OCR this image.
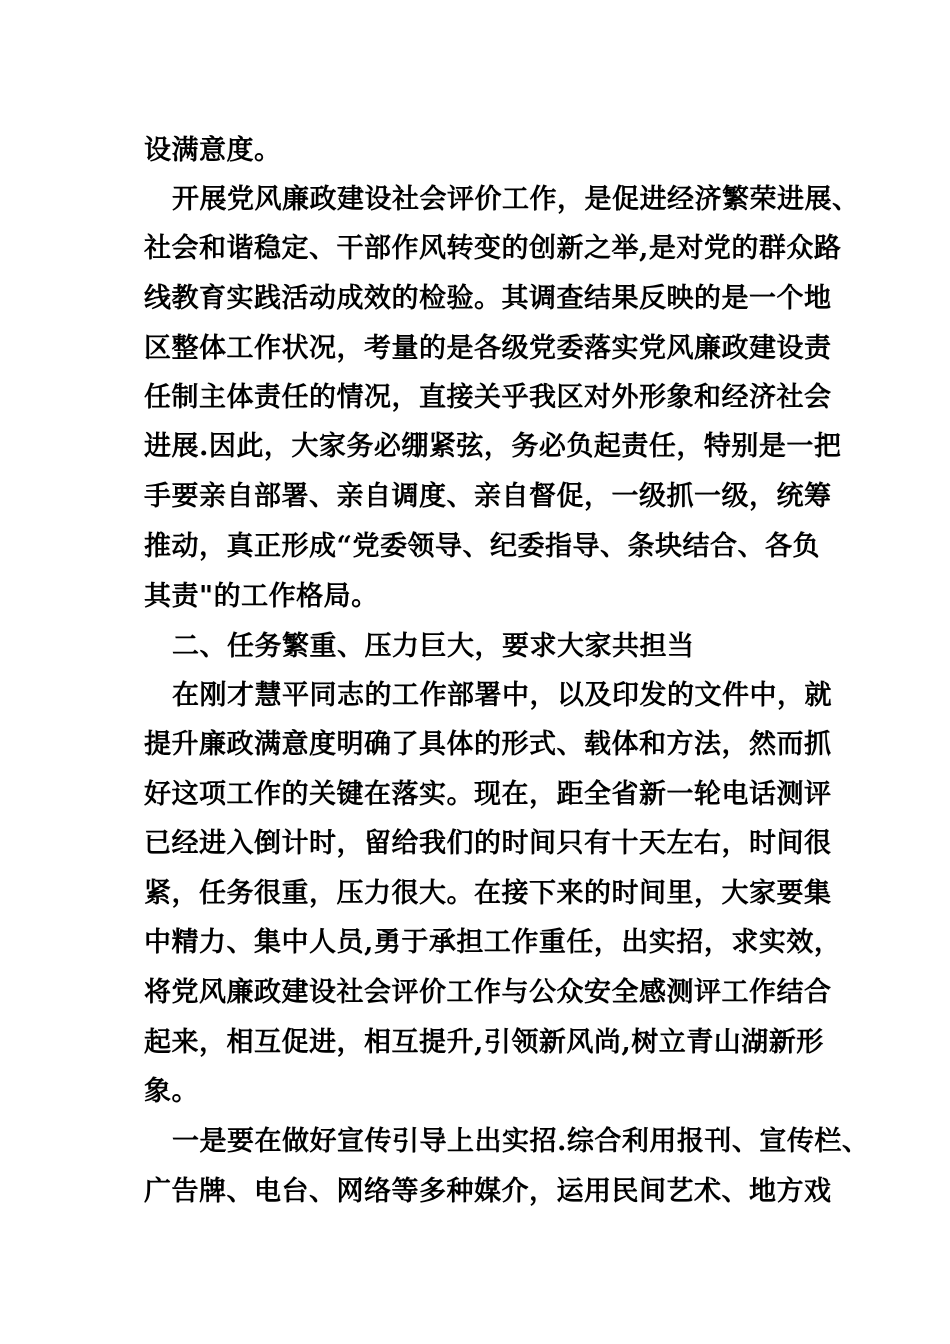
设满意度。
开展党风廉政建设社会评价工作，是促进经济繁荣进展、
社会和谐稳定、干部作风转变的创新之举,是对党的群众路
线教育实践活动成效的检验。其调查结果反映的是一个地
区整体工作状况，考量的是各级党委落实党风廉政建设责
任制主体责任的情况，直接关乎我区对外形象和经济社会
进展.因此，大家务必绷紧弦，务必负起责任，特别是一把
手要亲自部署、亲自调度、亲自督促，一级抓一级，统筹
推动，真正形成“党委领导、纪委指导、条块结合、各负
其责"的工作格局。
二、任务繁重、压力巨大，要求大家共担当
在刚才慧平同志的工作部署中，以及印发的文件中，就
提升廉政满意度明确了具体的形式、载体和方法，然而抓
好这项工作的关键在落实。现在，距全省新一轮电话测评
已经进入倒计时，留给我们的时间只有十天左右，时间很
紧，任务很重，压力很大。在接下来的时间里，大家要集
中精力、集中人员,勇于承担工作重任，出实招，求实效，
将党风廉政建设社会评价工作与公众安全感测评工作结合
起来，相互促进，相互提升,引领新风尚,树立青山湖新形
象。
一是要在做好宣传引导上出实招.综合利用报刊、宣传栏、
广告牌、电台、网络等多种媒介，运用民间艺术、地方戏
